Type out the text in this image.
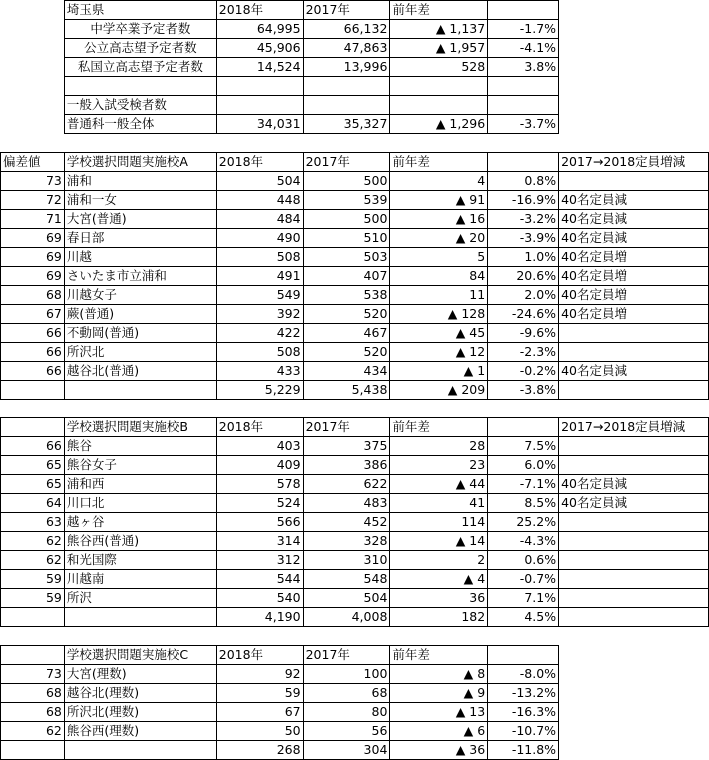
	埼玉県	2018年	2017年	前年差		
	中学卒業予定者数	64,995	66,132	▲ 1,137	-1.7%	
	公立高志望予定者数	45,906	47,863	▲ 1,957	-4.1%	
	私国立高志望予定者数	14,524	13,996	528	3.8%	

	一般入試受検者数					
	普通科一般全体	34,031	35,327	▲ 1,296	-3.7%	

偏差値	学校選択問題実施校A	2018年	2017年	前年差		2017→2018定員増減
73	浦和	504	500	4	0.8%	
72	浦和一女	448	539	▲ 91	-16.9%	40名定員減
71	大宮(普通)	484	500	▲ 16	-3.2%	40名定員減
69	春日部	490	510	▲ 20	-3.9%	40名定員減
69	川越	508	503	5	1.0%	40名定員増
69	さいたま市立浦和	491	407	84	20.6%	40名定員増
68	川越女子	549	538	11	2.0%	40名定員増
67	蕨(普通)	392	520	▲ 128	-24.6%	40名定員増
66	不動岡(普通)	422	467	▲ 45	-9.6%	
66	所沢北	508	520	▲ 12	-2.3%	
66	越谷北(普通)	433	434	▲ 1	-0.2%	40名定員減
		5,229	5,438	▲ 209	-3.8%	

	学校選択問題実施校B	2018年	2017年	前年差		2017→2018定員増減
66	熊谷	403	375	28	7.5%	
65	熊谷女子	409	386	23	6.0%	
65	浦和西	578	622	▲ 44	-7.1%	40名定員減
64	川口北	524	483	41	8.5%	40名定員減
63	越ヶ谷	566	452	114	25.2%	
62	熊谷西(普通)	314	328	▲ 14	-4.3%	
62	和光国際	312	310	2	0.6%	
59	川越南	544	548	▲ 4	-0.7%	
59	所沢	540	504	36	7.1%	
		4,190	4,008	182	4.5%	

	学校選択問題実施校C	2018年	2017年	前年差		
73	大宮(理数)	92	100	▲ 8	-8.0%	
68	越谷北(理数)	59	68	▲ 9	-13.2%	
68	所沢北(理数)	67	80	▲ 13	-16.3%	
62	熊谷西(理数)	50	56	▲ 6	-10.7%	
		268	304	▲ 36	-11.8%	
